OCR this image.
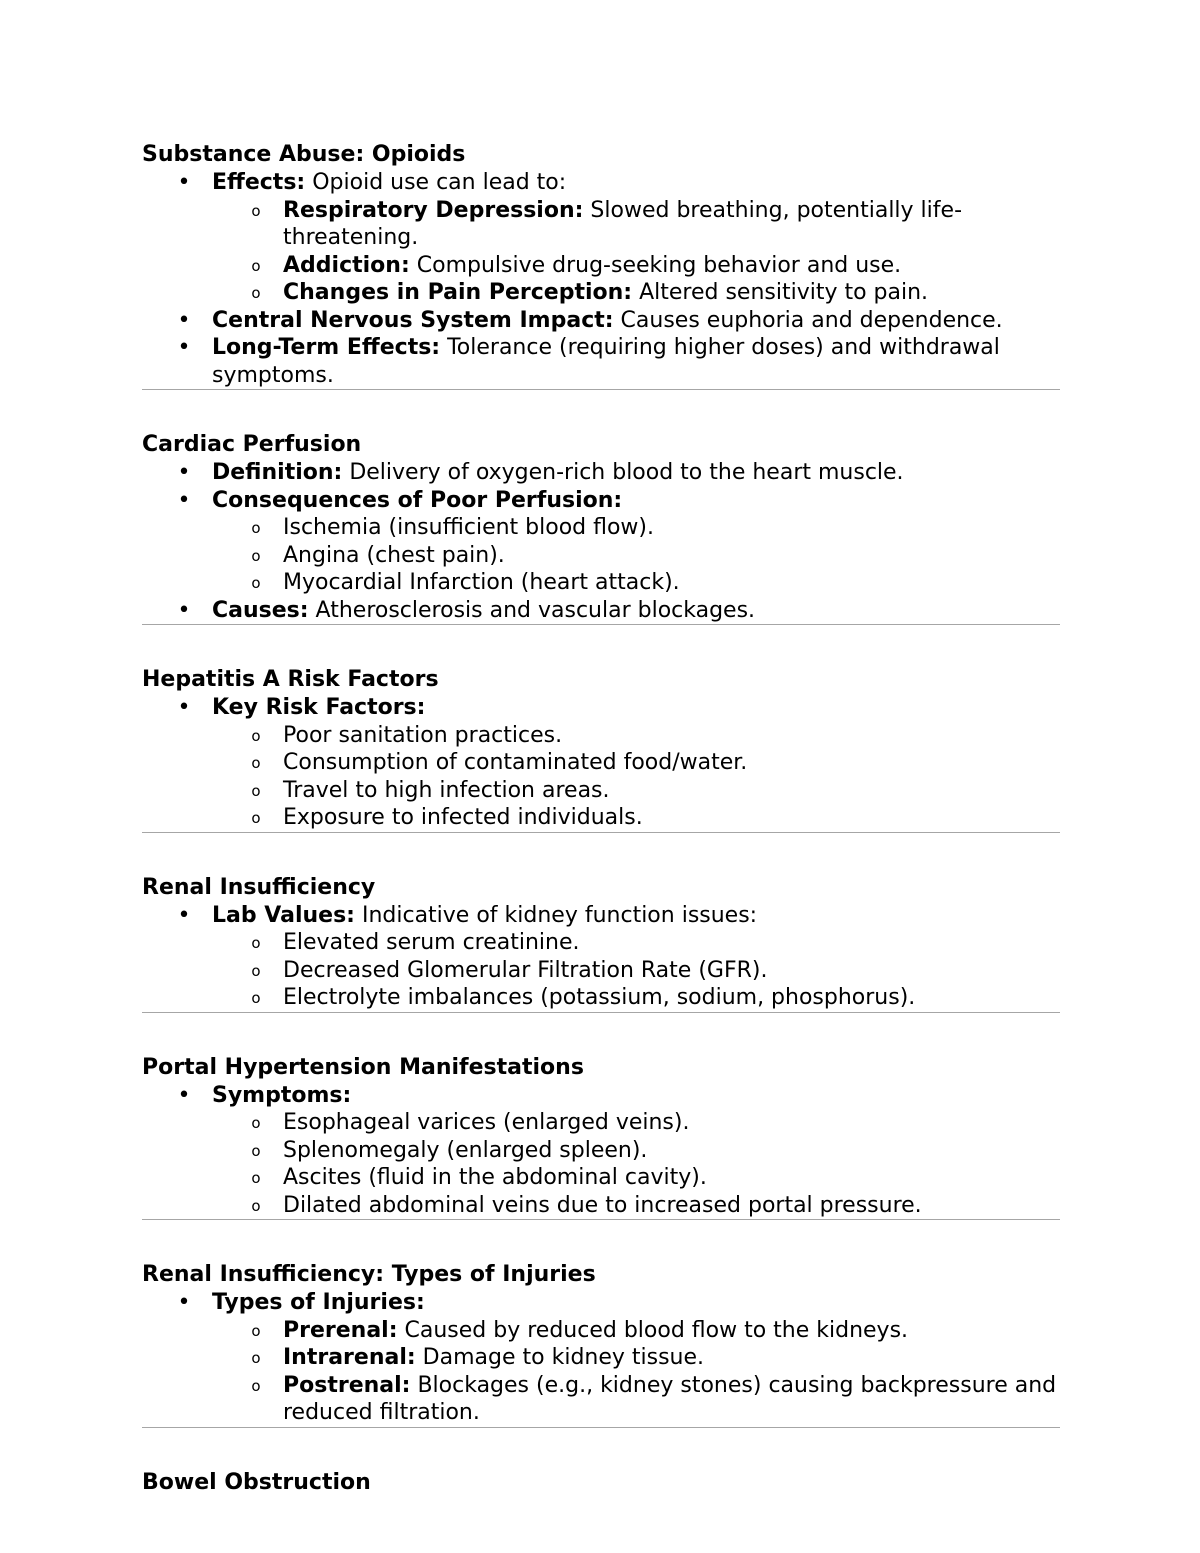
Substance Abuse: Opioids
• Effects: Opioid use can lead to:
o Respiratory Depression: Slowed breathing, potentially life-threatening.
o Addiction: Compulsive drug-seeking behavior and use.
o Changes in Pain Perception: Altered sensitivity to pain.
• Central Nervous System Impact: Causes euphoria and dependence.
• Long-Term Effects: Tolerance (requiring higher doses) and withdrawal symptoms.
Cardiac Perfusion
• Definition: Delivery of oxygen-rich blood to the heart muscle.
• Consequences of Poor Perfusion:
o Ischemia (insufficient blood flow).
o Angina (chest pain).
o Myocardial Infarction (heart attack).
• Causes: Atherosclerosis and vascular blockages.
Hepatitis A Risk Factors
• Key Risk Factors:
o Poor sanitation practices.
o Consumption of contaminated food/water.
o Travel to high infection areas.
o Exposure to infected individuals.
Renal Insufficiency
• Lab Values: Indicative of kidney function issues:
o Elevated serum creatinine.
o Decreased Glomerular Filtration Rate (GFR).
o Electrolyte imbalances (potassium, sodium, phosphorus).
Portal Hypertension Manifestations
• Symptoms:
o Esophageal varices (enlarged veins).
o Splenomegaly (enlarged spleen).
o Ascites (fluid in the abdominal cavity).
o Dilated abdominal veins due to increased portal pressure.
Renal Insufficiency: Types of Injuries
• Types of Injuries:
o Prerenal: Caused by reduced blood flow to the kidneys.
o Intrarenal: Damage to kidney tissue.
o Postrenal: Blockages (e.g., kidney stones) causing backpressure and reduced filtration.
Bowel Obstruction
